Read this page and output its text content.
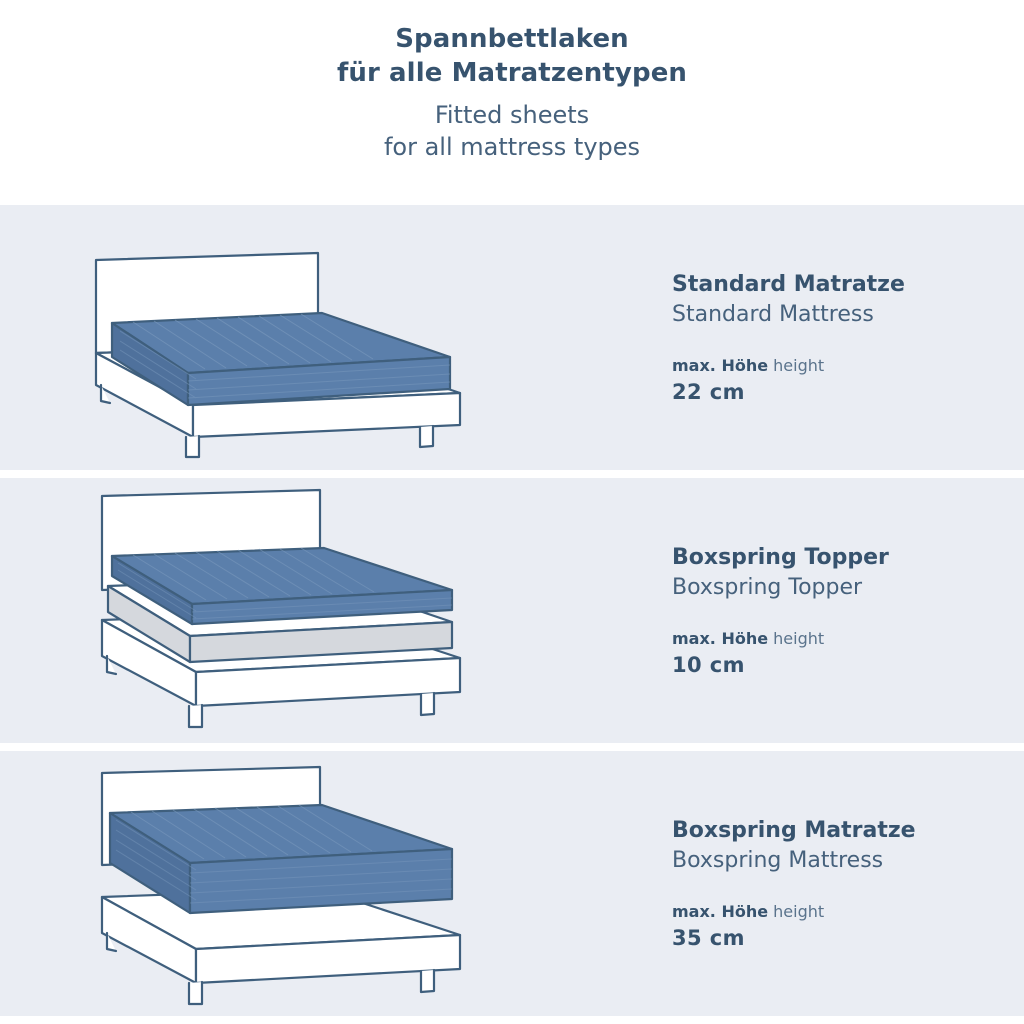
Spannbettlaken
für alle Matratzentypen
Fitted sheets
for all mattress types
Standard Matratze
Standard Mattress
max. Höhe height
22 cm
Boxspring Topper
Boxspring Topper
max. Höhe height
10 cm
Boxspring Matratze
Boxspring Mattress
max. Höhe height
35 cm
